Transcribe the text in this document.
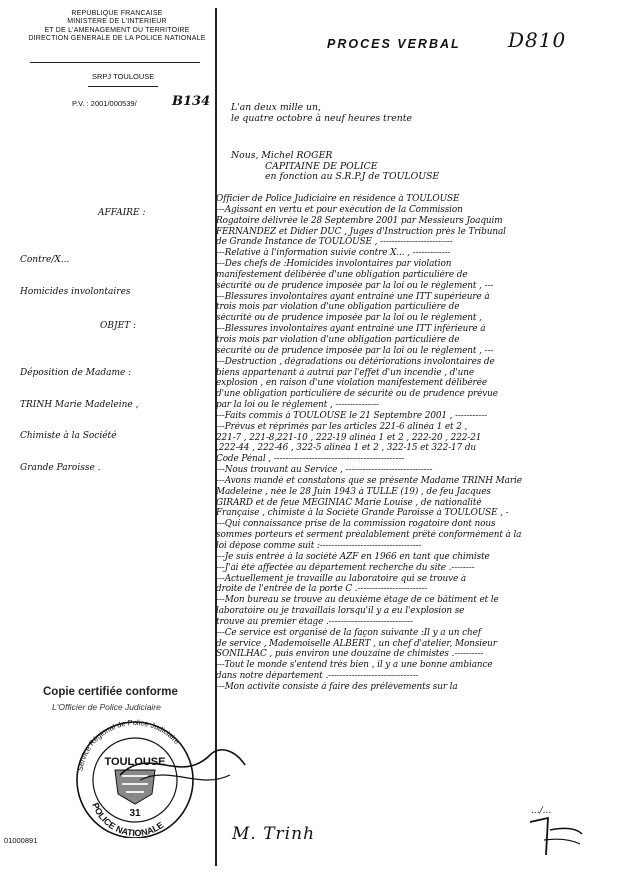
REPUBLIQUE FRANCAISE
MINISTERE DE L'INTERIEUR
ET DE L'AMENAGEMENT DU TERRITOIRE
DIRECTION GENERALE DE LA POLICE NATIONALE
SRPJ TOULOUSE
P.V. : 2001/000539/	B134
PROCES VERBAL D810
L'an deux mille un,
le quatre octobre à neuf heures trente
Nous, Michel ROGER
CAPITAINE DE POLICE
en fonction au S.R.P.J de TOULOUSE
AFFAIRE :

Contre/X...

Homicides involontaires

OBJET :

Déposition de Madame :

TRINH Marie Madeleine ,

Chimiste à la Société

Grande Paroisse .

Officier de Police Judiciaire en résidence à TOULOUSE
---Agissant en vertu et pour exécution de la Commission
Rogatoire délivrée le 28 Septembre 2001 par Messieurs Joaquim
FERNANDEZ et Didier DUC , Juges d'Instruction près le Tribunal
de Grande Instance de TOULOUSE , -------------------------
---Relative à l'information suivie contre X... , -------------
---Des chefs de :Homicides involontaires par violation
manifestement délibérée d'une obligation particulière de
sécurité ou de prudence imposée par la loi ou le règlement , ---
---Blessures involontaires ayant entrainé une ITT supérieure à
trois mois par violation d'une obligation particulière de
sécurité ou de prudence imposée par la loi ou le règlement ,
---Blessures involontaires ayant entrainé une ITT inférieure à
trois mois par violation d'une obligation particulière de
sécurité ou de prudence imposée par la loi ou le règlement , ---
---Destruction , dégradations ou détériorations involontaires de
biens appartenant à autrui par l'effet d'un incendie , d'une
explosion , en raison d'une violation manifestement délibérée
d'une obligation particulière de sécurité ou de prudence prévue
par la loi ou le règlement , ---------------
---Faits commis à TOULOUSE le 21 Septembre 2001 , -----------
---Prévus et réprimés par les articles 221-6 alinéa 1 et 2 ,
221-7 , 221-8,221-10 , 222-19 alinéa 1 et 2 , 222-20 , 222-21
,222-44 , 222-46 , 322-5 alinéa 1 et 2 , 322-15 et 322-17 du
Code Pénal , ---------------------------------------------
---Nous trouvant au Service , ------------------------------
---Avons mandé et constatons que se présente Madame TRINH Marie
Madeleine , née le 28 Juin 1943 à TULLE (19) , de feu Jacques
GIRARD et de feue MEGINIAC Marie Louise , de nationalité
Française , chimiste à la Société Grande Paroisse à TOULOUSE , -
---Qui connaissance prise de la commission rogatoire dont nous
sommes porteurs et serment préalablement prêté conformément à la
loi dépose comme suit :-----------------------------------
---Je suis entrée à la société AZF en 1966 en tant que chimiste
---J'ai été affectée au département recherche du site .--------
---Actuellement je travaille au laboratoire qui se trouve à
droite de l'entrée de la porte C .------------------------
---Mon bureau se trouve au deuxième étage de ce bâtiment et le
laboratoire ou je travaillais lorsqu'il y a eu l'explosion se
trouve au premier étage .-----------------------------
---Ce service est organisé de la façon suivante :Il y a un chef
de service , Mademoiselle ALBERT , un chef d'atelier, Monsieur
SONILHAC , puis environ une douzaine de chimistes .----------
---Tout le monde s'entend très bien , il y a une bonne ambiance
dans notre département .-------------------------------
---Mon activité consiste à faire des prélèvements sur la
.../...
Copie certifiée conforme
L'Officier de Police Judiciaire
Service Régional de Police Judiciaire
TOULOUSE
31
POLICE NATIONALE
01000891	M. Trinh
